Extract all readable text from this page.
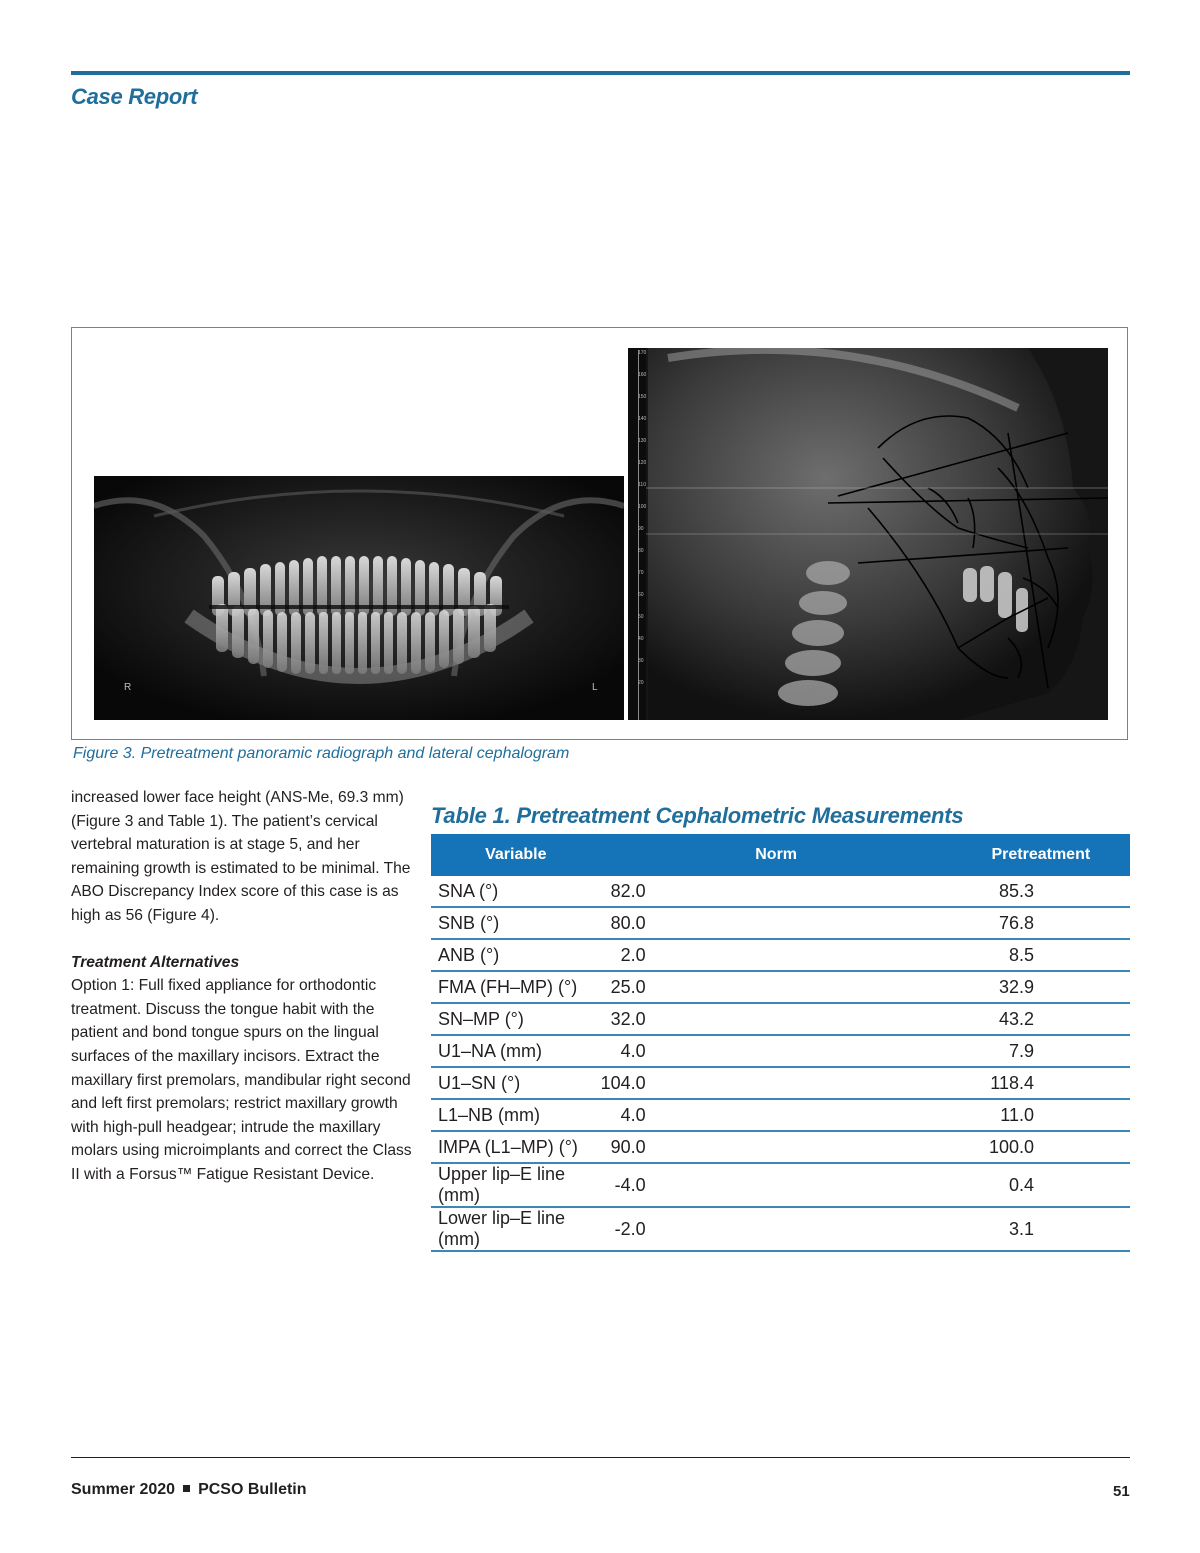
Case Report
R	L
170
160
150
140
130
120
110
100
90
80
70
60
50
40
30
20
Figure 3. Pretreatment panoramic radiograph and lateral cephalogram

increased lower face height (ANS-Me, 69.3 mm) (Figure 3 and Table 1). The patient’s cervical vertebral maturation is at stage 5, and her remaining growth is estimated to be minimal. The ABO Discrepancy Index score of this case is as high as 56 (Figure 4).

Treatment Alternatives

Option 1: Full fixed appliance for orthodontic treatment. Discuss the tongue habit with the patient and bond tongue spurs on the lingual surfaces of the maxillary incisors. Extract the maxillary first premolars, mandibular right second and left first premolars; restrict maxillary growth with high-pull headgear; intrude the maxillary molars using microimplants and correct the Class II with a Forsus™ Fatigue Resistant Device.

Table 1. Pretreatment Cephalometric Measurements
Variable	Norm	Pretreatment
SNA (°)	82.0	85.3
SNB (°)	80.0	76.8
ANB (°)	2.0	8.5
FMA (FH–MP) (°)	25.0	32.9
SN–MP (°)	32.0	43.2
U1–NA (mm)	4.0	7.9
U1–SN (°)	104.0	118.4
L1–NB (mm)	4.0	11.0
IMPA (L1–MP) (°)	90.0	100.0
Upper lip–E line (mm)	-4.0	0.4
Lower lip–E line (mm)	-2.0	3.1
Summer 2020 PCSO Bulletin	51
